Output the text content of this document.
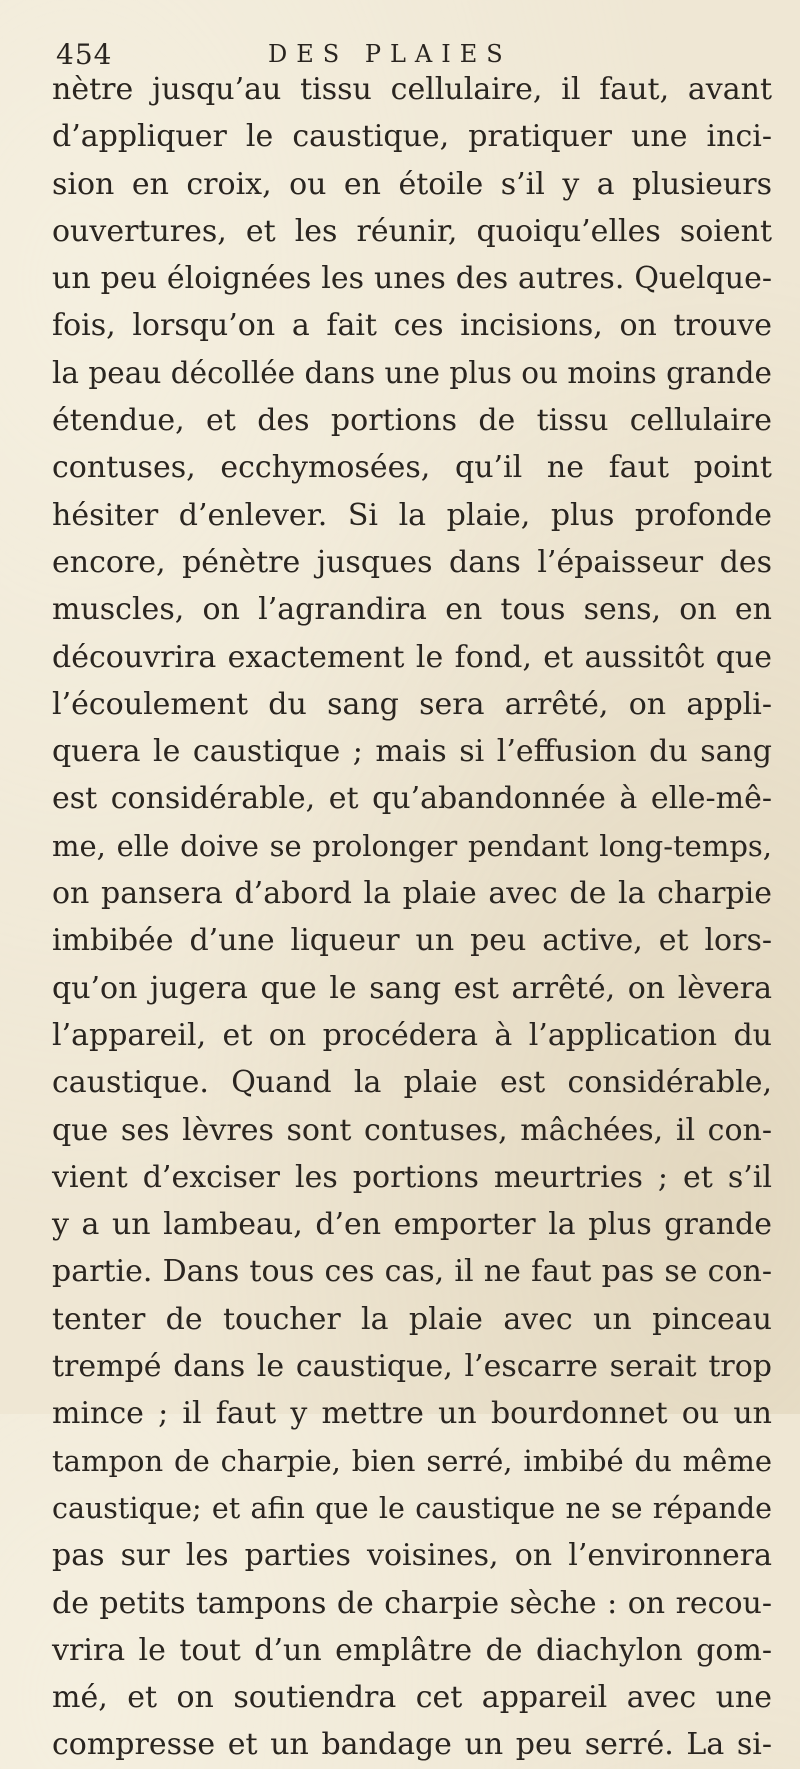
454	DES PLAIES
nètre jusqu’au tissu cellulaire, il faut, avant
d’appliquer le caustique, pratiquer une inci-
sion en croix, ou en étoile s’il y a plusieurs
ouvertures, et les réunir, quoiqu’elles soient
un peu éloignées les unes des autres. Quelque-
fois, lorsqu’on a fait ces incisions, on trouve
la peau décollée dans une plus ou moins grande
étendue, et des portions de tissu cellulaire
contuses, ecchymosées, qu’il ne faut point
hésiter d’enlever. Si la plaie, plus profonde
encore, pénètre jusques dans l’épaisseur des
muscles, on l’agrandira en tous sens, on en
découvrira exactement le fond, et aussitôt que
l’écoulement du sang sera arrêté, on appli-
quera le caustique ; mais si l’effusion du sang
est considérable, et qu’abandonnée à elle-mê-
me, elle doive se prolonger pendant long-temps,
on pansera d’abord la plaie avec de la charpie
imbibée d’une liqueur un peu active, et lors-
qu’on jugera que le sang est arrêté, on lèvera
l’appareil, et on procédera à l’application du
caustique. Quand la plaie est considérable,
que ses lèvres sont contuses, mâchées, il con-
vient d’exciser les portions meurtries ; et s’il
y a un lambeau, d’en emporter la plus grande
partie. Dans tous ces cas, il ne faut pas se con-
tenter de toucher la plaie avec un pinceau
trempé dans le caustique, l’escarre serait trop
mince ; il faut y mettre un bourdonnet ou un
tampon de charpie, bien serré, imbibé du même
caustique; et afin que le caustique ne se répande
pas sur les parties voisines, on l’environnera
de petits tampons de charpie sèche : on recou-
vrira le tout d’un emplâtre de diachylon gom-
mé, et on soutiendra cet appareil avec une
compresse et un bandage un peu serré. La si-
